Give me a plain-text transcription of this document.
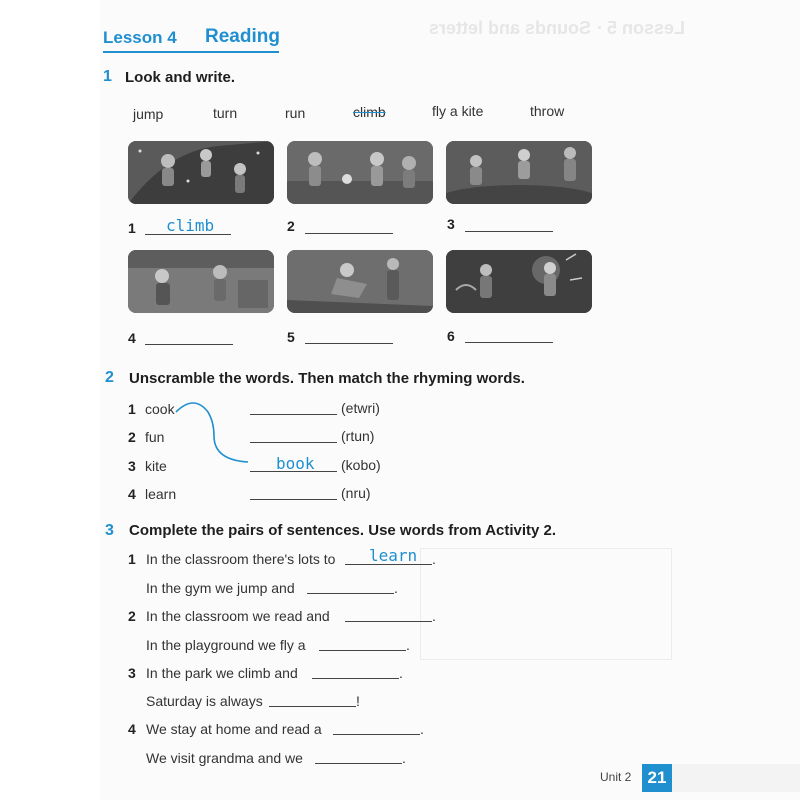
Lesson 5 · Sounds and letters
Lesson 4 Reading
1 Look and write.
jump	turn	run	climb	fly a kite	throw
1 climb	2	3
4	5	6
2 Unscramble the words. Then match the rhyming words.
1 cook	(etwri)
2 fun	(rtun)
3 kite	book (kobo)
4 learn	(nru)
3 Complete the pairs of sentences. Use words from Activity 2.
1 In the classroom there's lots to learn .
In the gym we jump and	.
2 In the classroom we read and	.
In the playground we fly a	.
3 In the park we climb and	.
Saturday is always	!
4 We stay at home and read a	.
We visit grandma and we	.
Unit 2 21
